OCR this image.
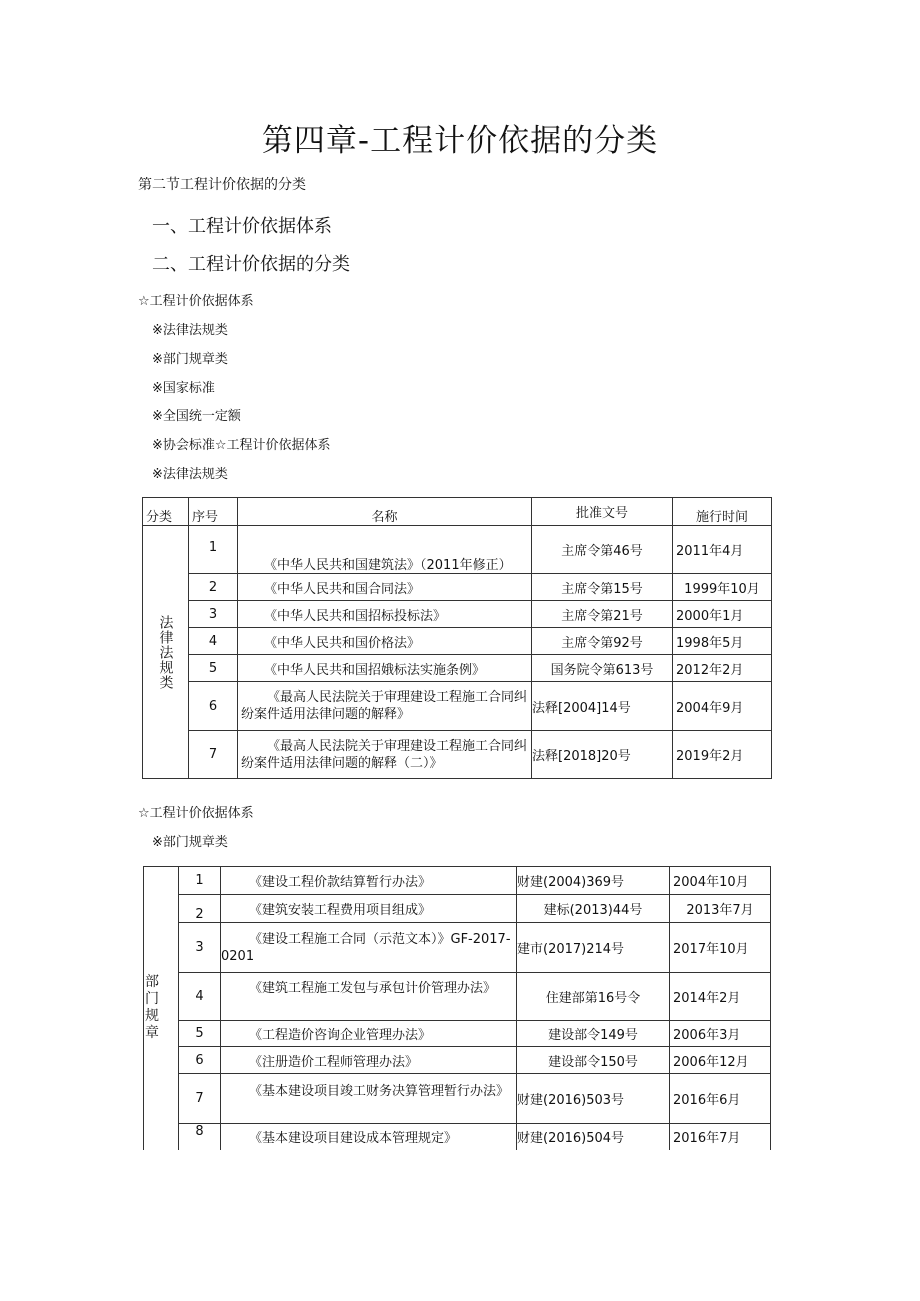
第四章-工程计价依据的分类
第二节工程计价依据的分类
一、工程计价依据体系
二、工程计价依据的分类
☆工程计价依据体系
※法律法规类
※部门规章类
※国家标准
※全国统一定额
※协会标准☆工程计价依据体系
※法律法规类
分类	序号	名称	批准文号	施行时间

法律法规类	1	《中华人民共和国建筑法》（2011年修正）	主席令第46号	2011年4月
	2	《中华人民共和国合同法》	主席令第15号	1999年10月
	3	《中华人民共和国招标投标法》	主席令第21号	2000年1月
	4	《中华人民共和国价格法》	主席令第92号	1998年5月
	5	《中华人民共和国招娥标法实施条例》	国务院令第613号	2012年2月
	6	《最高人民法院关于审理建设工程施工合同纠纷案件适用法律问题的解释》	法释[2004]14号	2004年9月
	7	《最高人民法院关于审理建设工程施工合同纠纷案件适用法律问题的解释（二）》	法释[2018]20号	2019年2月
☆工程计价依据体系
※部门规章类
部门规章	1	《建设工程价款结算暂行办法》	财建(2004)369号	2004年10月
	2	《建筑安装工程费用项目组成》	建标(2013)44号	2013年7月
	3	《建设工程施工合同（示范文本）》GF-2017-0201	建市(2017)214号	2017年10月
	4	《建筑工程施工发包与承包计价管理办法》	住建部第16号令	2014年2月
	5	《工程造价咨询企业管理办法》	建设部令149号	2006年3月
	6	《注册造价工程师管理办法》	建设部令150号	2006年12月
	7	《基本建设项目竣工财务决算管理暂行办法》	财建(2016)503号	2016年6月
	8	《基本建设项目建设成本管理规定》	财建(2016)504号	2016年7月
